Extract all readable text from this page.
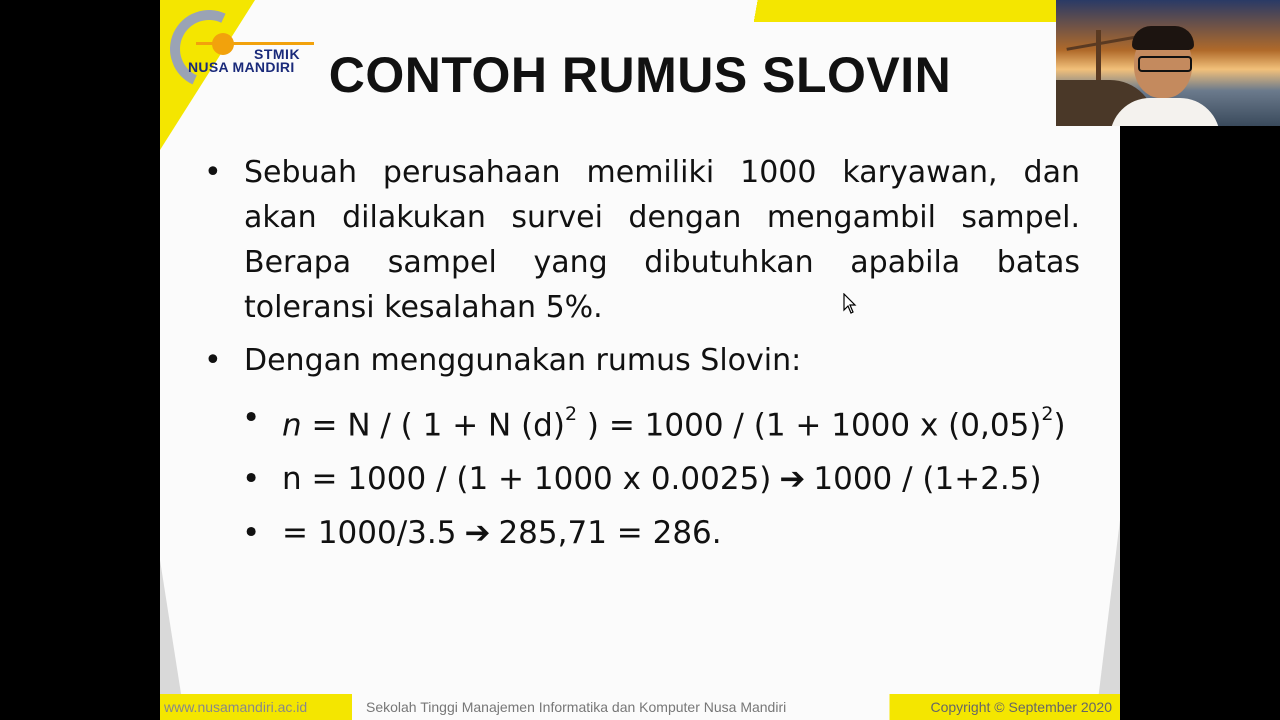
STMIK
NUSA MANDIRI CONTOH RUMUS SLOVIN
• Sebuah perusahaan memiliki 1000 karyawan, dan akan dilakukan survei dengan mengambil sampel. Berapa sampel yang dibutuhkan apabila batas toleransi kesalahan 5%.
• Dengan menggunakan rumus Slovin:
• n = N / ( 1 + N $(d)^2$ ) = 1000 / (1 + 1000 x $(0,05)^2$)
• n = 1000 / (1 + 1000 x 0.0025) ➔ 1000 / (1+2.5)
• = 1000/3.5 ➔ 285,71 = 286.
www.nusamandiri.ac.id	Sekolah Tinggi Manajemen Informatika dan Komputer Nusa Mandiri	Copyright © September 2020
